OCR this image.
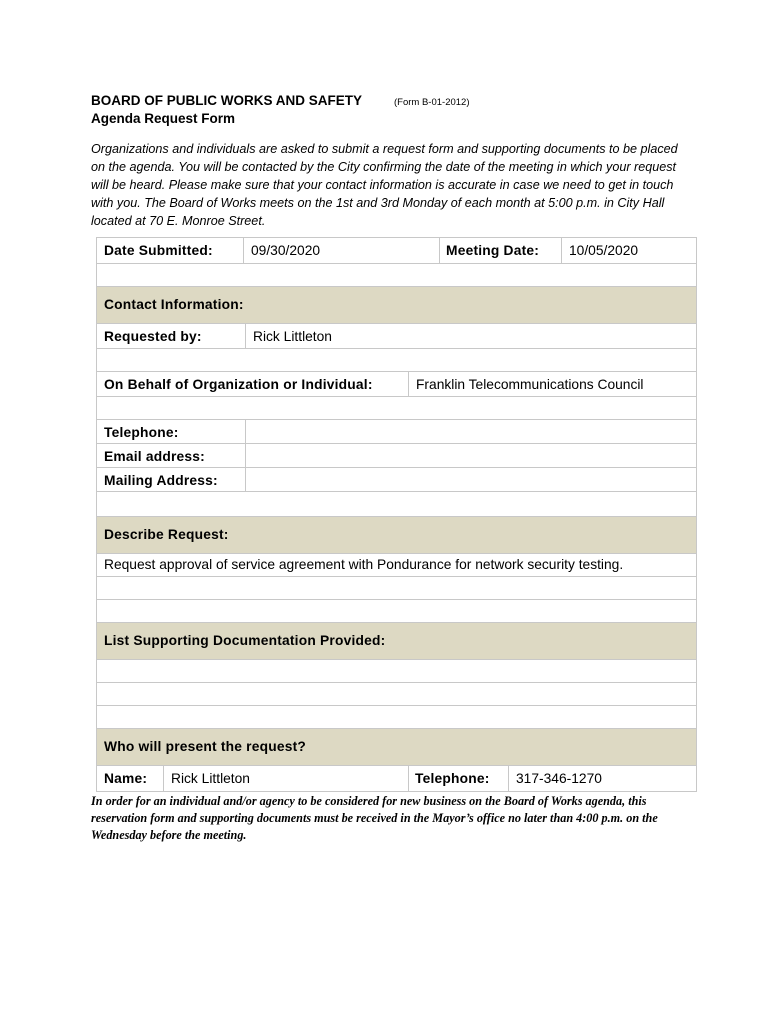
BOARD OF PUBLIC WORKS AND SAFETY	(Form B-01-2012)
Agenda Request Form
Organizations and individuals are asked to submit a request form and supporting documents to be placed on the agenda. You will be contacted by the City confirming the date of the meeting in which your request will be heard. Please make sure that your contact information is accurate in case we need to get in touch with you. The Board of Works meets on the 1st and 3rd Monday of each month at 5:00 p.m. in City Hall located at 70 E. Monroe Street.
Date Submitted:	09/30/2020	Meeting Date: 10/05/2020
Contact Information:
Requested by:	Rick Littleton
On Behalf of Organization or Individual:	Franklin Telecommunications Council
Telephone:
Email address:
Mailing Address:
Describe Request:
Request approval of service agreement with Pondurance for network security testing.
List Supporting Documentation Provided:
Who will present the request?
Name: Rick Littleton	Telephone: 317-346-1270
In order for an individual and/or agency to be considered for new business on the Board of Works agenda, this reservation form and supporting documents must be received in the Mayor’s office no later than 4:00 p.m. on the Wednesday before the meeting.
